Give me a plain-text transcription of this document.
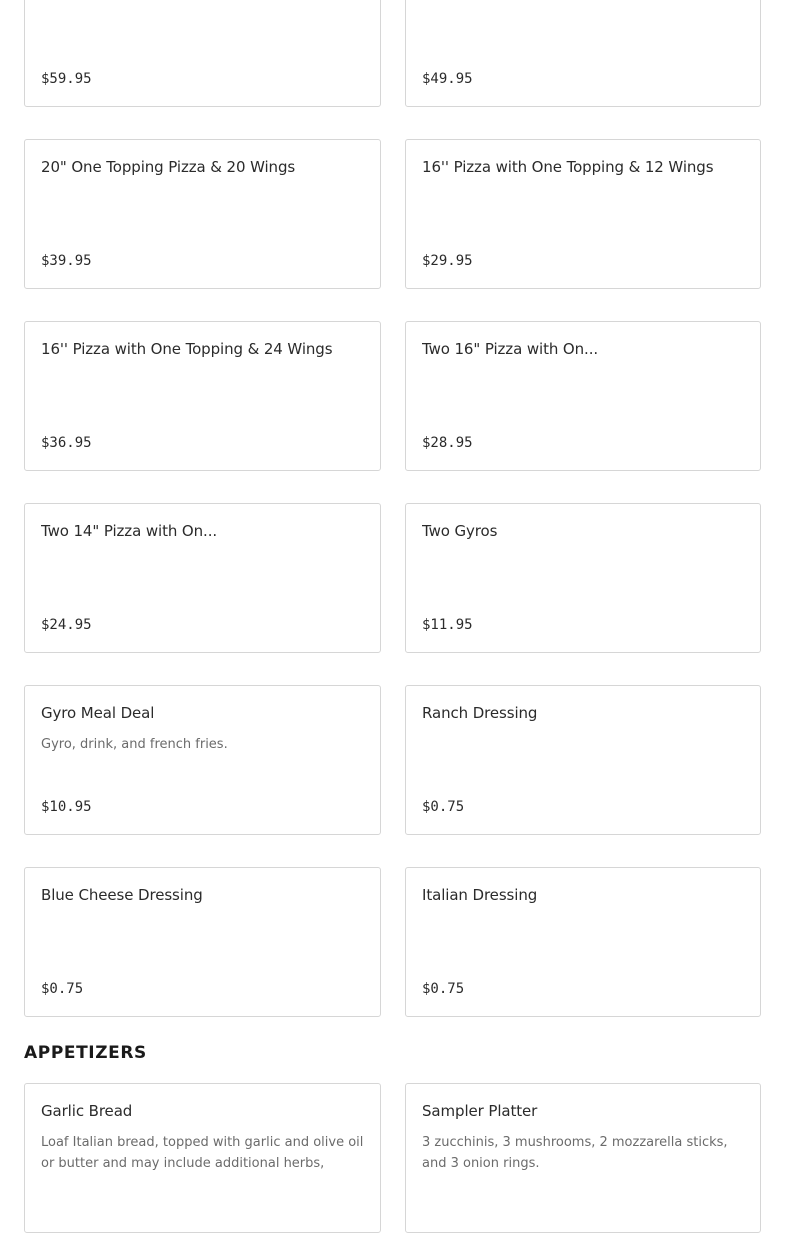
$59.95	$49.95
20" One Topping Pizza & 20 Wings
$39.95
16'' Pizza with One Topping & 12 Wings
$29.95
16'' Pizza with One Topping & 24 Wings
$36.95
Two 16" Pizza with On...
$28.95
Two 14" Pizza with On...
$24.95
Two Gyros
$11.95
Gyro Meal Deal
Gyro, drink, and french fries.
$10.95
Ranch Dressing
$0.75
Blue Cheese Dressing
$0.75
Italian Dressing
$0.75
APPETIZERS
Garlic Bread
Loaf Italian bread, topped with garlic and olive oil or butter and may include additional herbs,
Sampler Platter
3 zucchinis, 3 mushrooms, 2 mozzarella sticks, and 3 onion rings.
